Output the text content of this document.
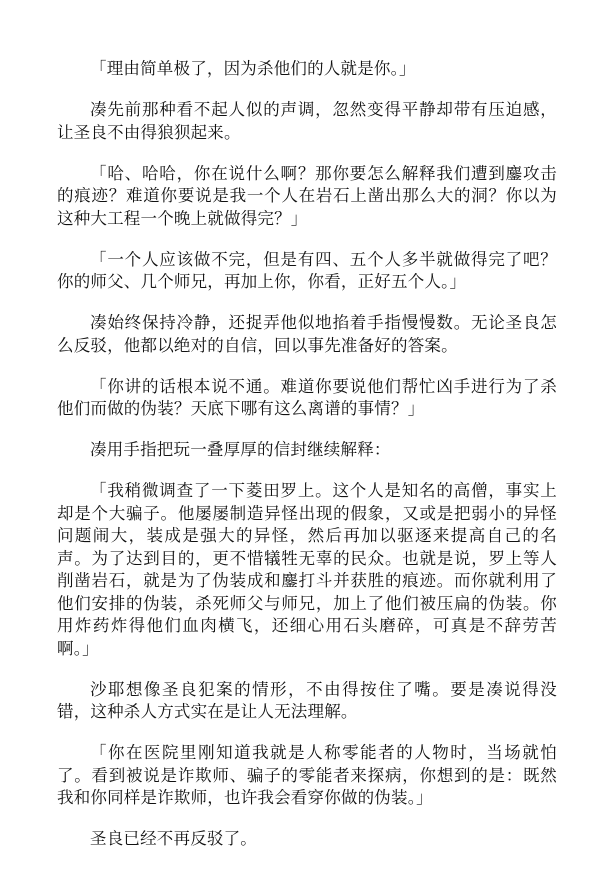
「理由简单极了，因为杀他们的人就是你。」

凑先前那种看不起人似的声调，忽然变得平静却带有压迫感，让圣良不由得狼狈起来。

「哈、哈哈，你在说什么啊？那你要怎么解释我们遭到鏖攻击的痕迹？难道你要说是我一个人在岩石上凿出那么大的洞？你以为这种大工程一个晚上就做得完？」

「一个人应该做不完，但是有四、五个人多半就做得完了吧？你的师父、几个师兄，再加上你，你看，正好五个人。」

凑始终保持冷静，还捉弄他似地掐着手指慢慢数。无论圣良怎么反驳，他都以绝对的自信，回以事先准备好的答案。

「你讲的话根本说不通。难道你要说他们帮忙凶手进行为了杀他们而做的伪装？天底下哪有这么离谱的事情？」

凑用手指把玩一叠厚厚的信封继续解释：

「我稍微调查了一下菱田罗上。这个人是知名的高僧，事实上却是个大骗子。他屡屡制造异怪出现的假象，又或是把弱小的异怪问题闹大，装成是强大的异怪，然后再加以驱逐来提高自己的名声。为了达到目的，更不惜犠牲无辜的民众。也就是说，罗上等人削凿岩石，就是为了伪装成和鏖打斗并获胜的痕迹。而你就利用了他们安排的伪装，杀死师父与师兄，加上了他们被压扁的伪装。你用炸药炸得他们血肉横飞，还细心用石头磨碎，可真是不辞劳苦啊。」

沙耶想像圣良犯案的情形，不由得按住了嘴。要是凑说得没错，这种杀人方式实在是让人无法理解。

「你在医院里刚知道我就是人称零能者的人物时，当场就怕了。看到被说是诈欺师、骗子的零能者来探病，你想到的是：既然我和你同样是诈欺师，也许我会看穿你做的伪装。」

圣良已经不再反驳了。
